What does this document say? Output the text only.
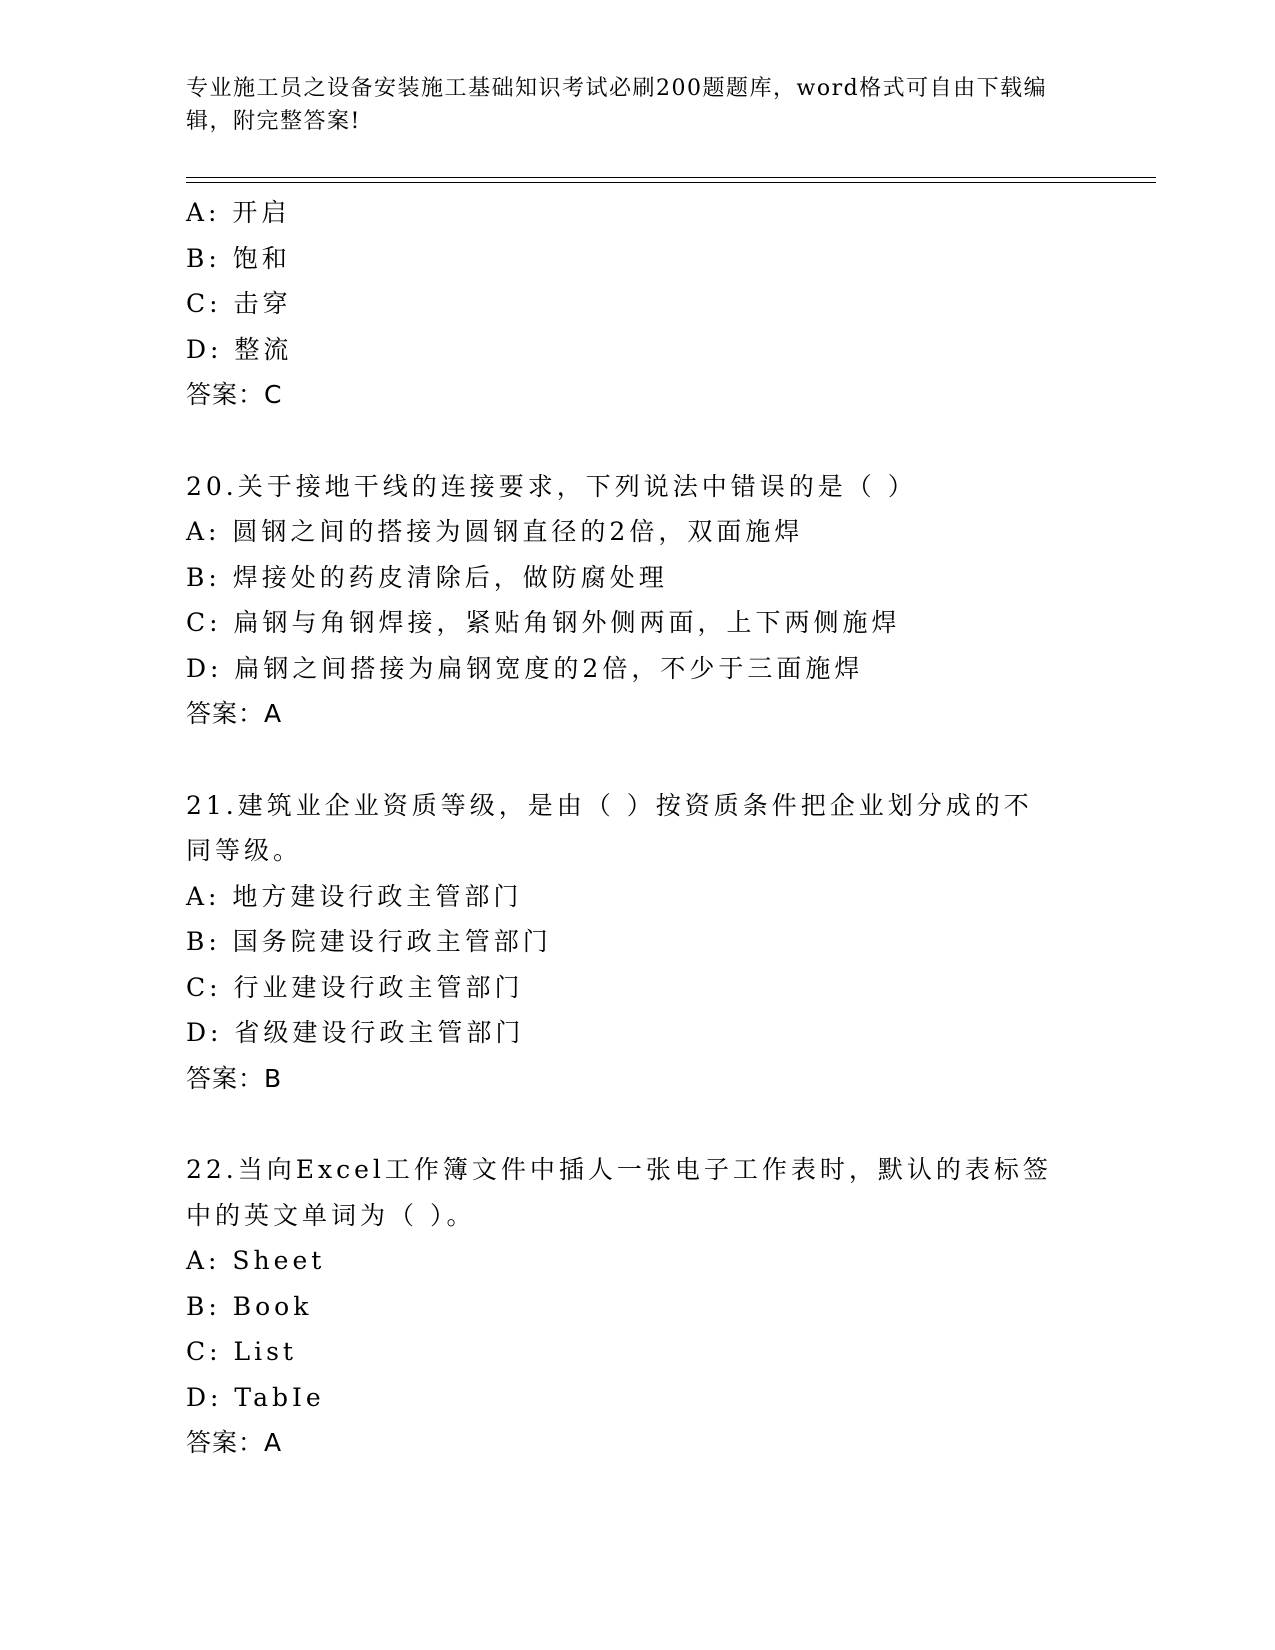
专业施工员之设备安装施工基础知识考试必刷200题题库，word格式可自由下载编辑，附完整答案!
A: 开启
B: 饱和
C: 击穿
D: 整流
答案：C
20.关于接地干线的连接要求，下列说法中错误的是（ ）
A: 圆钢之间的搭接为圆钢直径的2倍，双面施焊
B: 焊接处的药皮清除后，做防腐处理
C: 扁钢与角钢焊接，紧贴角钢外侧两面，上下两侧施焊
D: 扁钢之间搭接为扁钢宽度的2倍，不少于三面施焊
答案：A
21.建筑业企业资质等级，是由（ ）按资质条件把企业划分成的不同等级。
A: 地方建设行政主管部门
B: 国务院建设行政主管部门
C: 行业建设行政主管部门
D: 省级建设行政主管部门
答案：B
22.当向Excel工作簿文件中插人一张电子工作表时，默认的表标签中的英文单词为（ ）。
A: Sheet
B: Book
C: List
D: TabIe
答案：A
